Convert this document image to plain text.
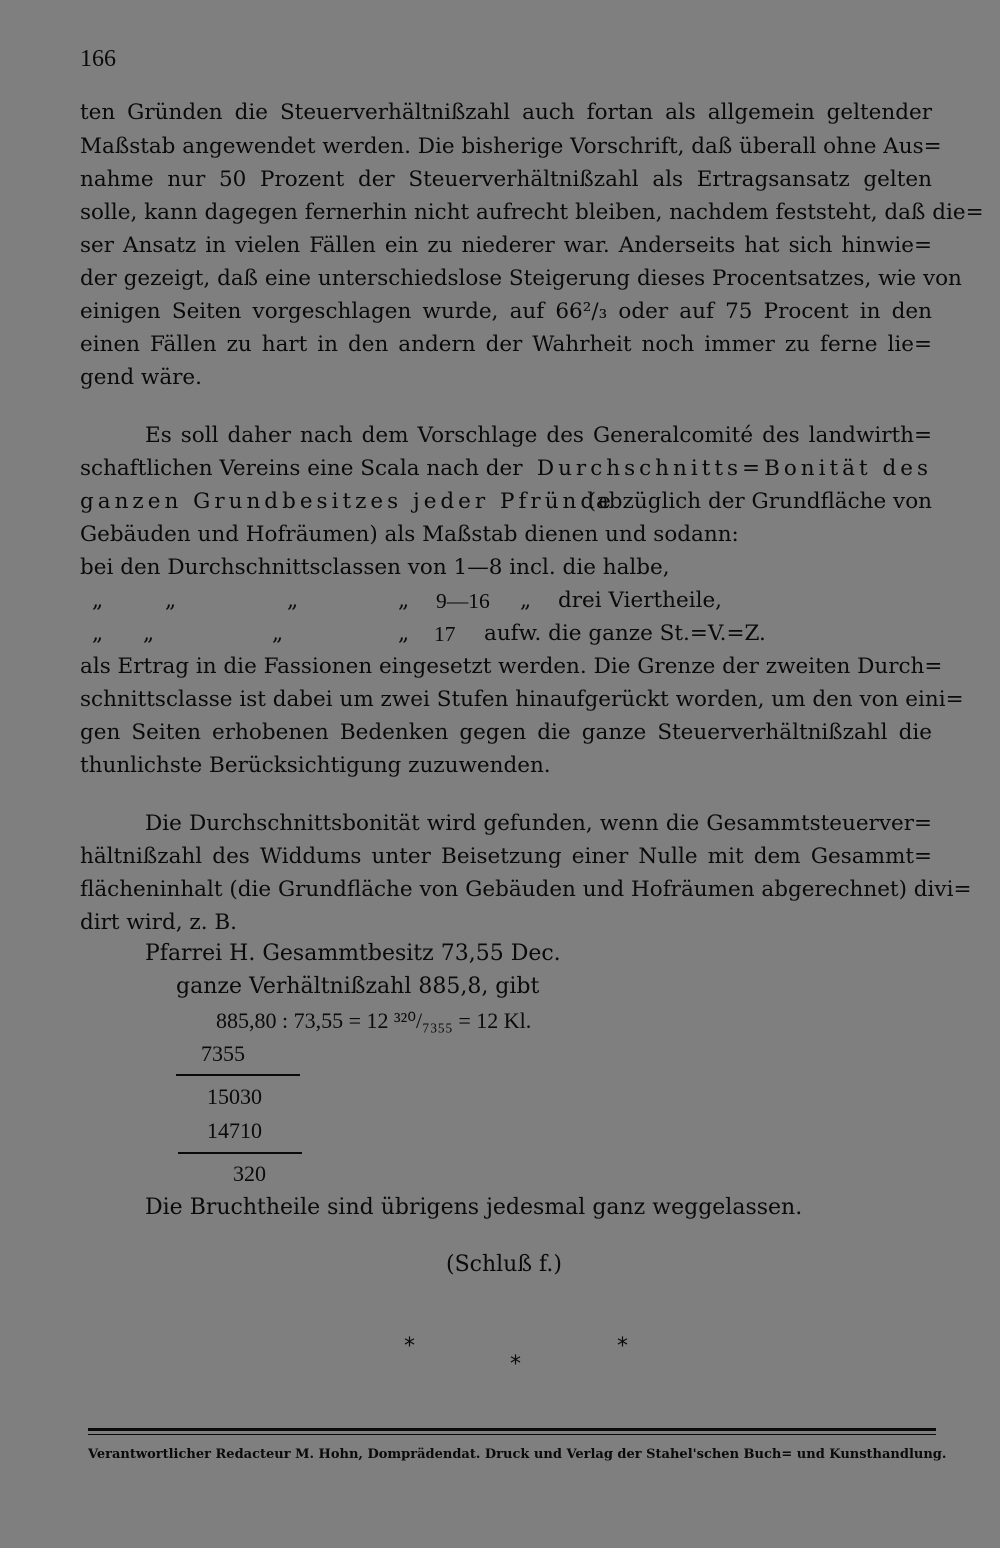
166
ten Gründen die Steuerverhältnißzahl auch fortan als allgemein geltender
Maßstab angewendet werden. Die bisherige Vorschrift, daß überall ohne Aus=
nahme nur 50 Prozent der Steuerverhältnißzahl als Ertragsansatz gelten
solle, kann dagegen fernerhin nicht aufrecht bleiben, nachdem feststeht, daß die=
ser Ansatz in vielen Fällen ein zu niederer war. Anderseits hat sich hinwie=
der gezeigt, daß eine unterschiedslose Steigerung dieses Procentsatzes, wie von
einigen Seiten vorgeschlagen wurde, auf 66²/₃ oder auf 75 Procent in den
einen Fällen zu hart in den andern der Wahrheit noch immer zu ferne lie=
gend wäre.
Es soll daher nach dem Vorschlage des Generalcomité des landwirth=
schaftlichen Vereins eine Scala nach der Durchschnitts=Bonität des
ganzen Grundbesitzes jeder Pfründe
(abzüglich der Grundfläche von
Gebäuden und Hofräumen) als Maßstab dienen und sodann:
bei den Durchschnittsclassen von 1—8 incl. die halbe,
„	„	„	„ 9—16 „ drei Viertheile,
„ „	„	„ 17 aufw. die ganze St.=V.=Z.
als Ertrag in die Fassionen eingesetzt werden. Die Grenze der zweiten Durch=
schnittsclasse ist dabei um zwei Stufen hinaufgerückt worden, um den von eini=
gen Seiten erhobenen Bedenken gegen die ganze Steuerverhältnißzahl die
thunlichste Berücksichtigung zuzuwenden.
Die Durchschnittsbonität wird gefunden, wenn die Gesammtsteuerver=
hältnißzahl des Widdums unter Beisetzung einer Nulle mit dem Gesammt=
flächeninhalt (die Grundfläche von Gebäuden und Hofräumen abgerechnet) divi=
dirt wird, z. B.
Pfarrei H. Gesammtbesitz 73,55 Dec.
ganze Verhältnißzahl 885,8, gibt
885,80 : 73,55 = 12 ³²⁰/₇₃₅₅ = 12 Kl.
7355
15030
14710
320
Die Bruchtheile sind übrigens jedesmal ganz weggelassen.
(Schluß f.)
*
*
*
Verantwortlicher Redacteur M. Hohn, Domprädendat. Druck und Verlag der Stahel'schen Buch= und Kunsthandlung.
